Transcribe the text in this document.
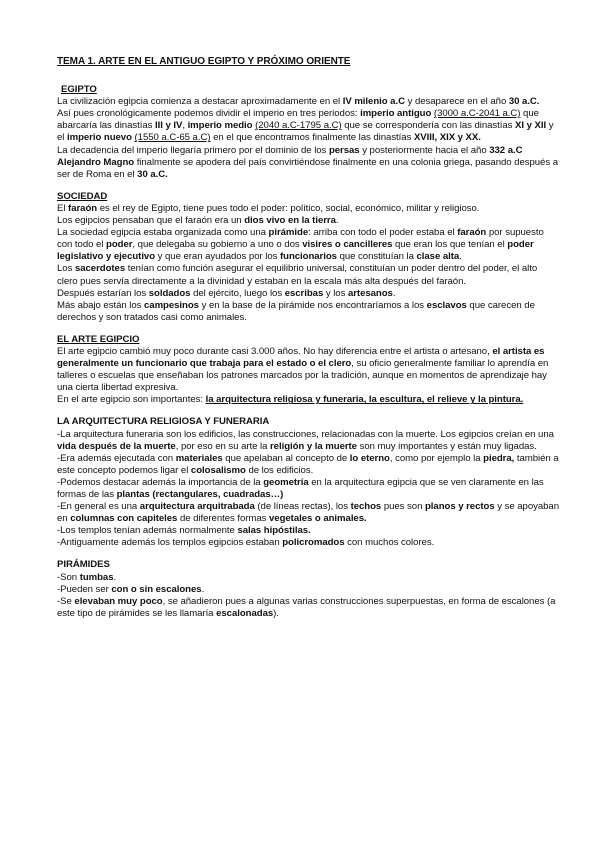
TEMA 1. ARTE EN EL ANTIGUO EGIPTO Y PRÓXIMO ORIENTE

EGIPTO

La civilización egipcia comienza a destacar aproximadamente en el IV milenio a.C y desaparece en el año 30 a.C.

Así pues cronológicamente podemos dividir el imperio en tres periodos: imperio antiguo (3000 a.C-2041 a.C) que abarcaría las dinastías III y IV, imperio medio (2040 a.C-1795 a.C) que se correspondería con las dinastías XI y XII y el imperio nuevo (1550 a.C-65 a.C) en el que encontramos finalmente las dinastías XVIII, XIX y XX.

La decadencia del imperio llegaría primero por el dominio de los persas y posteriormente hacia el año 332 a.C Alejandro Magno finalmente se apodera del país convirtiéndose finalmente en una colonia griega, pasando después a ser de Roma en el 30 a.C.

SOCIEDAD

El faraón es el rey de Egipto, tiene pues todo el poder: político, social, económico, militar y religioso.

Los egipcios pensaban que el faraón era un dios vivo en la tierra.

La sociedad egipcia estaba organizada como una pirámide: arriba con todo el poder estaba el faraón por supuesto con todo el poder, que delegaba su gobierno a uno o dos visires o cancilleres que eran los que tenían el poder legislativo y ejecutivo y que eran ayudados por los funcionarios que constituían la clase alta.

Los sacerdotes tenían como función asegurar el equilibrio universal, constituían un poder dentro del poder, el alto clero pues servía directamente a la divinidad y estaban en la escala más alta después del faraón.

Después estarían los soldados del ejército, luego los escribas y los artesanos.

Más abajo están los campesinos y en la base de la pirámide nos encontraríamos a los esclavos que carecen de derechos y son tratados casi como animales.

EL ARTE EGIPCIO

El arte egipcio cambió muy poco durante casi 3.000 años. No hay diferencia entre el artista o artesano, el artista es generalmente un funcionario que trabaja para el estado o el clero, su oficio generalmente familiar lo aprendía en talleres o escuelas que enseñaban los patrones marcados por la tradición, aunque en momentos de aprendizaje hay una cierta libertad expresiva.

En el arte egipcio son importantes: la arquitectura religiosa y funeraria, la escultura, el relieve y la pintura.

LA ARQUITECTURA RELIGIOSA Y FUNERARIA

-La arquitectura funeraria son los edificios, las construcciones, relacionadas con la muerte. Los egipcios creían en una vida después de la muerte, por eso en su arte la religión y la muerte son muy importantes y están muy ligadas.

-Era además ejecutada con materiales que apelaban al concepto de lo eterno, como por ejemplo la piedra, también a este concepto podemos ligar el colosalismo de los edificios.

-Podemos destacar además la importancia de la geometría en la arquitectura egipcia que se ven claramente en las formas de las plantas (rectangulares, cuadradas…)

-En general es una arquitectura arquitrabada (de líneas rectas), los techos pues son planos y rectos y se apoyaban en columnas con capiteles de diferentes formas vegetales o animales.

-Los templos tenían además normalmente salas hipóstilas.

-Antiguamente además los templos egipcios estaban policromados con muchos colores.

PIRÁMIDES

-Son tumbas.

-Pueden ser con o sin escalones.

-Se elevaban muy poco, se añadieron pues a algunas varias construcciones superpuestas, en forma de escalones (a este tipo de pirámides se les llamaría escalonadas).
